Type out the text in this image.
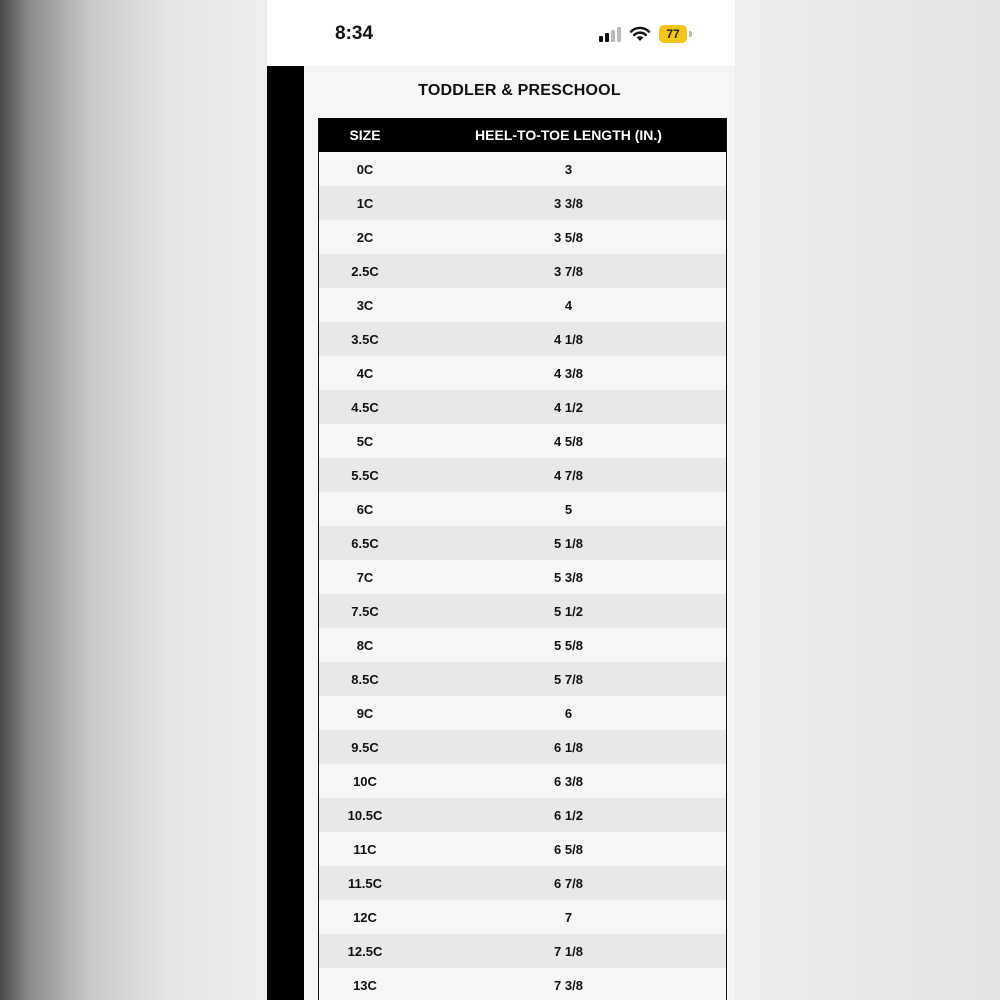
8:34	77
TODDLER & PRESCHOOL
SIZE	HEEL-TO-TOE LENGTH (IN.)
0C	3
1C	3 3/8
2C	3 5/8
2.5C	3 7/8
3C	4
3.5C	4 1/8
4C	4 3/8
4.5C	4 1/2
5C	4 5/8
5.5C	4 7/8
6C	5
6.5C	5 1/8
7C	5 3/8
7.5C	5 1/2
8C	5 5/8
8.5C	5 7/8
9C	6
9.5C	6 1/8
10C	6 3/8
10.5C	6 1/2
11C	6 5/8
11.5C	6 7/8
12C	7
12.5C	7 1/8
13C	7 3/8
